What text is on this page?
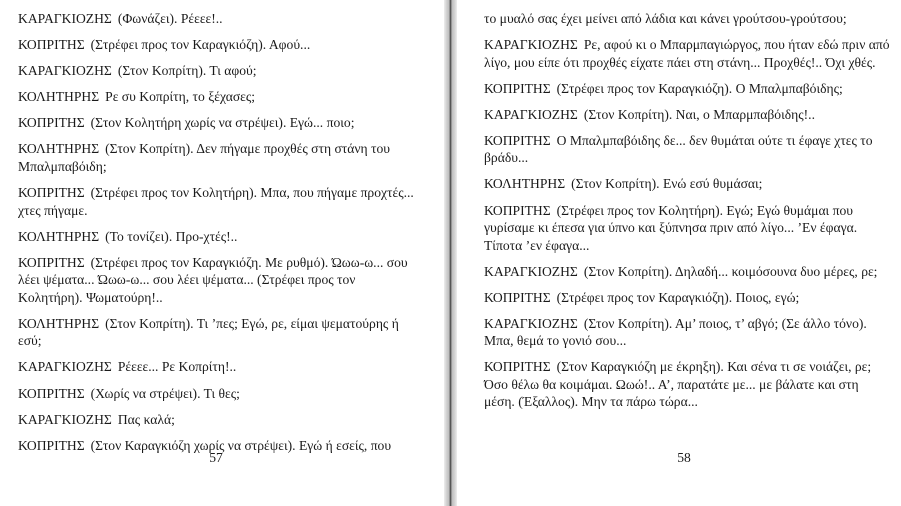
ΚΑΡΑΓΚΙΟΖΗΣ (Φωνάζει). Ρέεεε!..

ΚΟΠΡΙΤΗΣ (Στρέφει προς τον Καραγκιόζη). Αφού...

ΚΑΡΑΓΚΙΟΖΗΣ (Στον Κοπρίτη). Τι αφού;

ΚΟΛΗΤΗΡΗΣ Ρε συ Κοπρίτη, το ξέχασες;

ΚΟΠΡΙΤΗΣ (Στον Κολητήρη χωρίς να στρέψει). Εγώ... ποιο;

ΚΟΛΗΤΗΡΗΣ (Στον Κοπρίτη). Δεν πήγαμε προχθές στη στάνη του Μπαλμπαβόιδη;

ΚΟΠΡΙΤΗΣ (Στρέφει προς τον Κολητήρη). Μπα, που πήγαμε προχτές... χτες πήγαμε.

ΚΟΛΗΤΗΡΗΣ (Το τονίζει). Προ-χτές!..

ΚΟΠΡΙΤΗΣ (Στρέφει προς τον Καραγκιόζη. Με ρυθμό). Ώωω-ω... σου λέει ψέματα... Ώωω-ω... σου λέει ψέματα... (Στρέφει προς τον Κολητήρη). Ψωματούρη!..

ΚΟΛΗΤΗΡΗΣ (Στον Κοπρίτη). Τι ’πες; Εγώ, ρε, είμαι ψεματούρης ή εσύ;

ΚΑΡΑΓΚΙΟΖΗΣ Ρέεεε... Ρε Κοπρίτη!..

ΚΟΠΡΙΤΗΣ (Χωρίς να στρέψει). Τι θες;

ΚΑΡΑΓΚΙΟΖΗΣ Πας καλά;

ΚΟΠΡΙΤΗΣ (Στον Καραγκιόζη χωρίς να στρέψει). Εγώ ή εσείς, που

57

το μυαλό σας έχει μείνει από λάδια και κάνει γρούτσου-γρούτσου;

ΚΑΡΑΓΚΙΟΖΗΣ Ρε, αφού κι ο Μπαρμπαγιώργος, που ήταν εδώ πριν από λίγο, μου είπε ότι προχθές είχατε πάει στη στάνη... Προχθές!.. Όχι χθές.

ΚΟΠΡΙΤΗΣ (Στρέφει προς τον Καραγκιόζη). Ο Μπαλμπαβόιδης;

ΚΑΡΑΓΚΙΟΖΗΣ (Στον Κοπρίτη). Ναι, ο Μπαρμπαβόιδης!..

ΚΟΠΡΙΤΗΣ Ο Μπαλμπαβόιδης δε... δεν θυμάται ούτε τι έφαγε χτες το βράδυ...

ΚΟΛΗΤΗΡΗΣ (Στον Κοπρίτη). Ενώ εσύ θυμάσαι;

ΚΟΠΡΙΤΗΣ (Στρέφει προς τον Κολητήρη). Εγώ; Εγώ θυμάμαι που γυρίσαμε κι έπεσα για ύπνο και ξύπνησα πριν από λίγο... ’Εν έφαγα. Τίποτα ’εν έφαγα...

ΚΑΡΑΓΚΙΟΖΗΣ (Στον Κοπρίτη). Δηλαδή... κοιμόσουνα δυο μέρες, ρε;

ΚΟΠΡΙΤΗΣ (Στρέφει προς τον Καραγκιόζη). Ποιος, εγώ;

ΚΑΡΑΓΚΙΟΖΗΣ (Στον Κοπρίτη). Αμ’ ποιος, τ’ αβγό; (Σε άλλο τόνο). Μπα, θεμά το γονιό σου...

ΚΟΠΡΙΤΗΣ (Στον Καραγκιόζη με έκρηξη). Και σένα τι σε νοιάζει, ρε; Όσο θέλω θα κοιμάμαι. Ωωώ!.. Α’, παρατάτε με... με βάλατε και στη μέση. (Έξαλλος). Μην τα πάρω τώρα...

58
